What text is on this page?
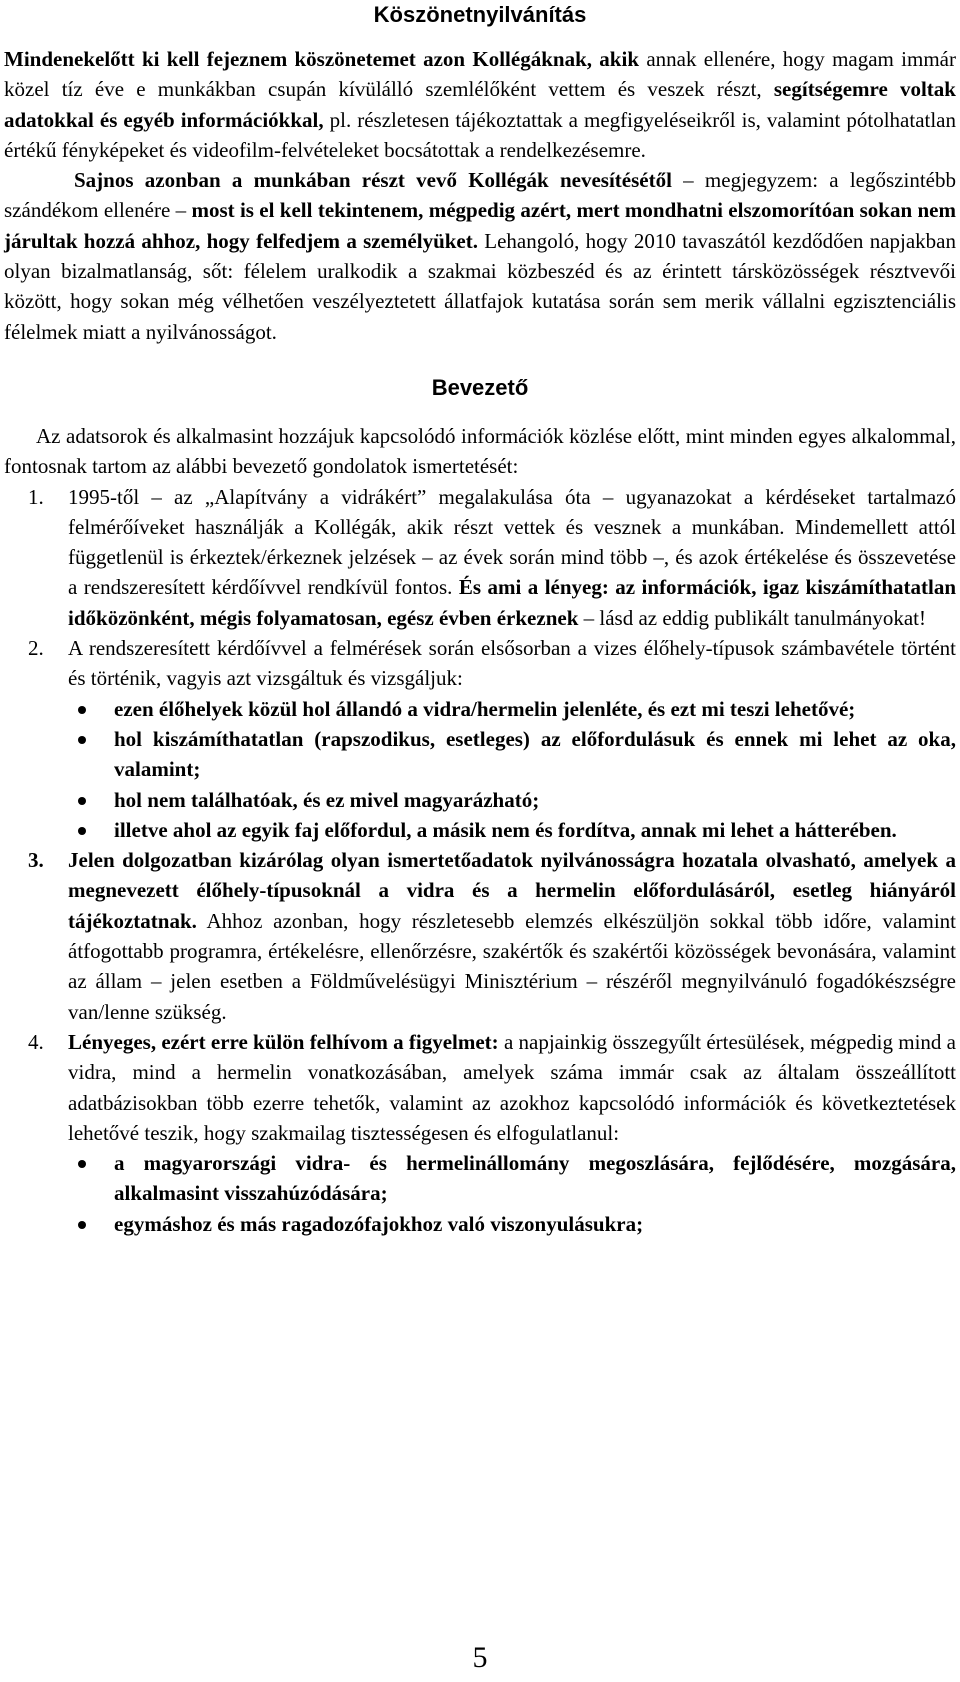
Köszönetnyilvánítás

Mindenekelőtt ki kell fejeznem köszönetemet azon Kollégáknak, akik annak ellenére, hogy magam immár közel tíz éve e munkákban csupán kívülálló szemlélőként vettem és veszek részt, segítségemre voltak adatokkal és egyéb információkkal, pl. részletesen tájékoztattak a megfigyeléseikről is, valamint pótolhatatlan értékű fényképeket és videofilm-felvételeket bocsátottak a rendelkezésemre.

Sajnos azonban a munkában részt vevő Kollégák nevesítésétől – megjegyzem: a legőszintébb szándékom ellenére – most is el kell tekintenem, mégpedig azért, mert mondhatni elszomorítóan sokan nem járultak hozzá ahhoz, hogy felfedjem a személyüket. Lehangoló, hogy 2010 tavaszától kezdődően napjakban olyan bizalmatlanság, sőt: félelem uralkodik a szakmai közbeszéd és az érintett társközösségek résztvevői között, hogy sokan még vélhetően veszélyeztetett állatfajok kutatása során sem merik vállalni egzisztenciális félelmek miatt a nyilvánosságot.

Bevezető

Az adatsorok és alkalmasint hozzájuk kapcsolódó információk közlése előtt, mint minden egyes alkalommal, fontosnak tartom az alábbi bevezető gondolatok ismertetését:

1. 1995-től – az „Alapítvány a vidrákért” megalakulása óta – ugyanazokat a kérdéseket tartalmazó felmérőíveket használják a Kollégák, akik részt vettek és vesznek a munkában. Mindemellett attól függetlenül is érkeztek/érkeznek jelzések – az évek során mind több –, és azok értékelése és összevetése a rendszeresített kérdőívvel rendkívül fontos. És ami a lényeg: az információk, igaz kiszámíthatatlan időközönként, mégis folyamatosan, egész évben érkeznek – lásd az eddig publikált tanulmányokat!
2. A rendszeresített kérdőívvel a felmérések során elsősorban a vizes élőhely-típusok számbavétele történt és történik, vagyis azt vizsgáltuk és vizsgáljuk:
ezen élőhelyek közül hol állandó a vidra/hermelin jelenléte, és ezt mi teszi lehetővé;
hol kiszámíthatatlan (rapszodikus, esetleges) az előfordulásuk és ennek mi lehet az oka, valamint;
hol nem találhatóak, és ez mivel magyarázható;
illetve ahol az egyik faj előfordul, a másik nem és fordítva, annak mi lehet a hátterében.
3. Jelen dolgozatban kizárólag olyan ismertetőadatok nyilvánosságra hozatala olvasható, amelyek a megnevezett élőhely-típusoknál a vidra és a hermelin előfordulásáról, esetleg hiányáról tájékoztatnak. Ahhoz azonban, hogy részletesebb elemzés elkészüljön sokkal több időre, valamint átfogottabb programra, értékelésre, ellenőrzésre, szakértők és szakértői közösségek bevonására, valamint az állam – jelen esetben a Földművelésügyi Minisztérium – részéről megnyilvánuló fogadókészségre van/lenne szükség.
4. Lényeges, ezért erre külön felhívom a figyelmet: a napjainkig összegyűlt értesülések, mégpedig mind a vidra, mind a hermelin vonatkozásában, amelyek száma immár csak az általam összeállított adatbázisokban több ezerre tehetők, valamint az azokhoz kapcsolódó információk és következtetések lehetővé teszik, hogy szakmailag tisztességesen és elfogulatlanul:
a magyarországi vidra- és hermelinállomány megoszlására, fejlődésére, mozgására, alkalmasint visszahúzódására;
egymáshoz és más ragadozófajokhoz való viszonyulásukra;
5
